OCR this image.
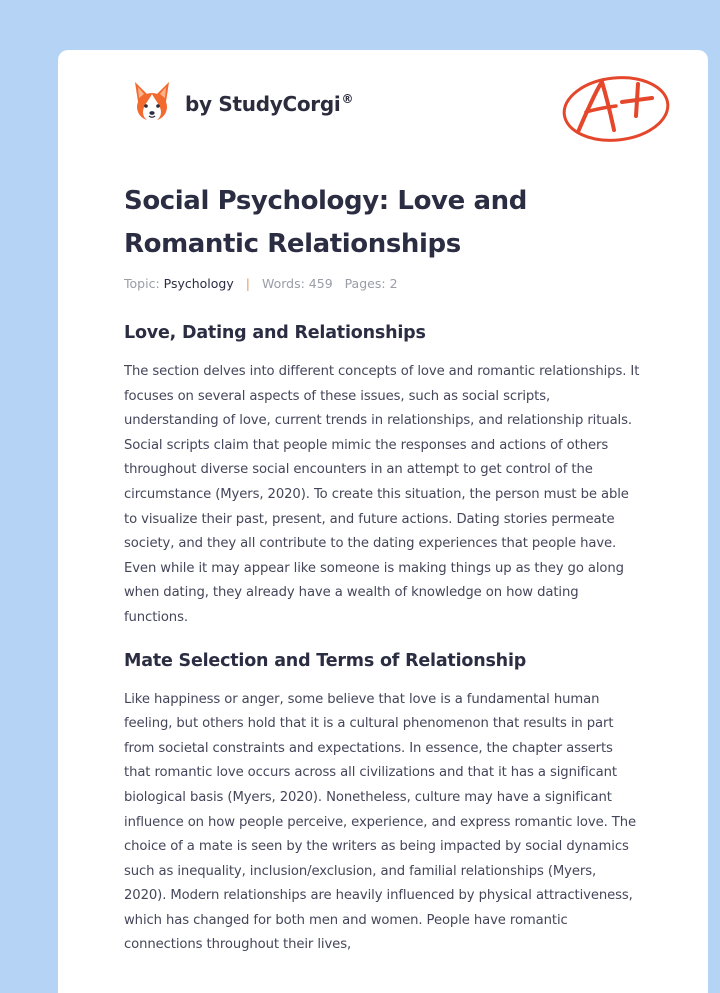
by StudyCorgi®
Social Psychology: Love and Romantic Relationships
Topic: Psychology | Words: 459 Pages: 2
Love, Dating and Relationships

The section delves into different concepts of love and romantic relationships. It focuses on several aspects of these issues, such as social scripts, understanding of love, current trends in relationships, and relationship rituals. Social scripts claim that people mimic the responses and actions of others throughout diverse social encounters in an attempt to get control of the circumstance (Myers, 2020). To create this situation, the person must be able to visualize their past, present, and future actions. Dating stories permeate society, and they all contribute to the dating experiences that people have. Even while it may appear like someone is making things up as they go along when dating, they already have a wealth of knowledge on how dating functions.

Mate Selection and Terms of Relationship

Like happiness or anger, some believe that love is a fundamental human feeling, but others hold that it is a cultural phenomenon that results in part from societal constraints and expectations. In essence, the chapter asserts that romantic love occurs across all civilizations and that it has a significant biological basis (Myers, 2020). Nonetheless, culture may have a significant influence on how people perceive, experience, and express romantic love. The choice of a mate is seen by the writers as being impacted by social dynamics such as inequality, inclusion/exclusion, and familial relationships (Myers, 2020). Modern relationships are heavily influenced by physical attractiveness, which has changed for both men and women. People have romantic connections throughout their lives,
